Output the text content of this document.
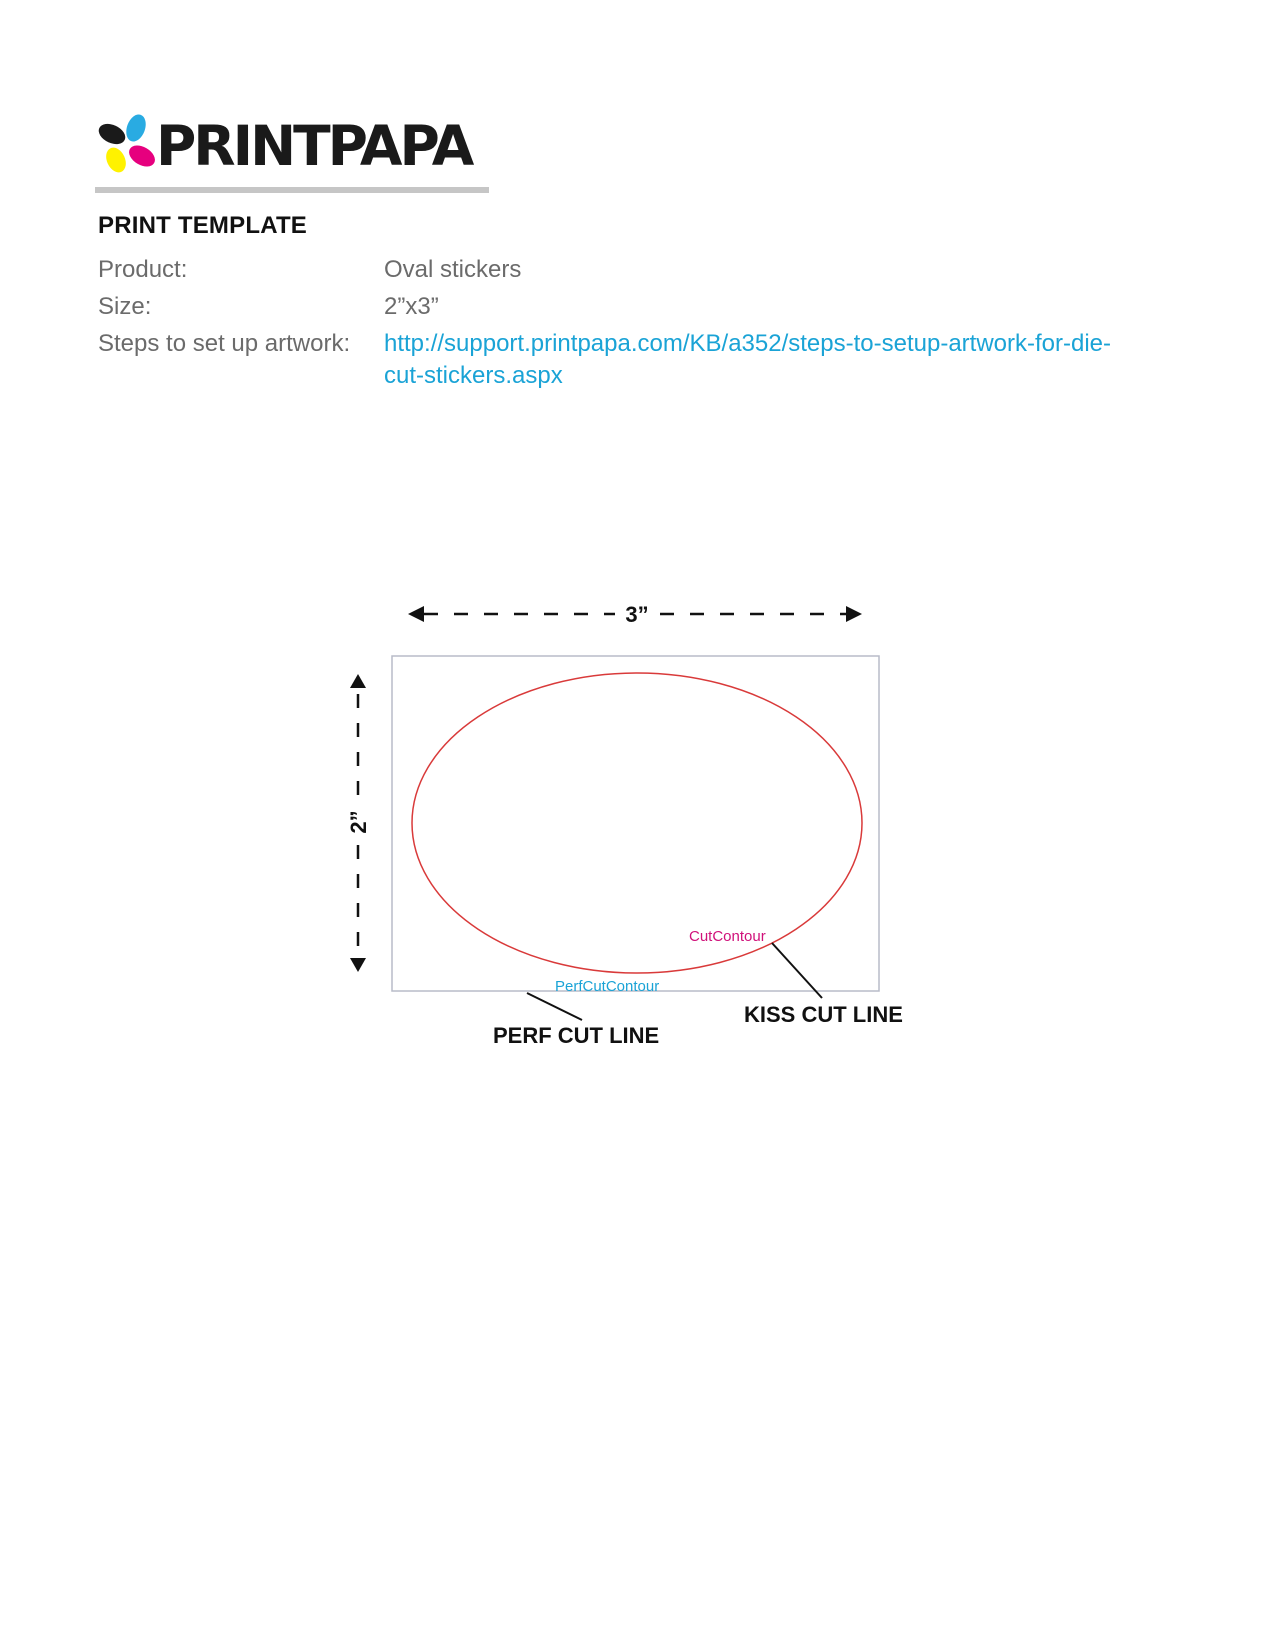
PRINTPAPA
PRINT TEMPLATE
Product:	Oval stickers
Size:	2”x3”
Steps to set up artwork: http://support.printpapa.com/KB/a352/steps-to-setup-artwork-for-die-
cut-stickers.aspx
3”
2”
CutContour
PerfCutContour
KISS CUT LINE
PERF CUT LINE
